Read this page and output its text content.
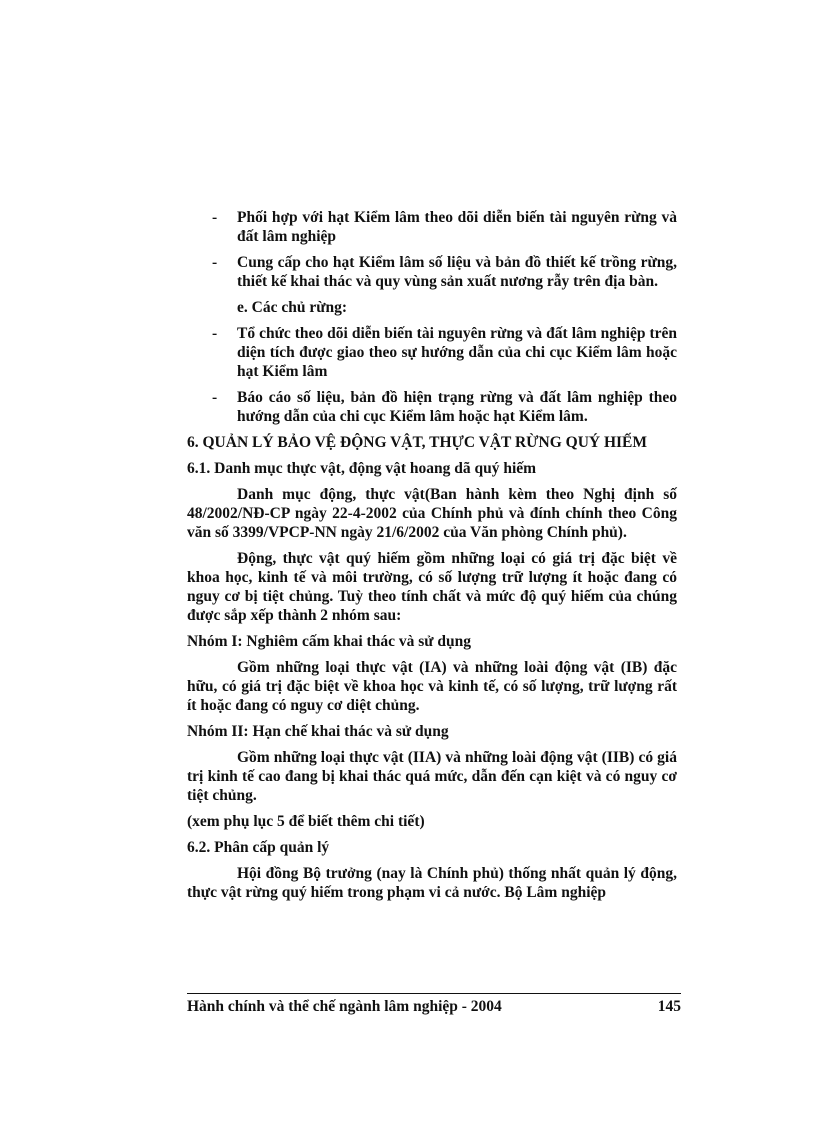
- Phối hợp với hạt Kiểm lâm theo dõi diễn biến tài nguyên rừng và đất lâm nghiệp
- Cung cấp cho hạt Kiểm lâm số liệu và bản đồ thiết kế trồng rừng, thiết kế khai thác và quy vùng sản xuất nương rẫy trên địa bàn.
e. Các chủ rừng:
- Tổ chức theo dõi diễn biến tài nguyên rừng và đất lâm nghiệp trên diện tích được giao theo sự hướng dẫn của chi cục Kiểm lâm hoặc hạt Kiểm lâm
- Báo cáo số liệu, bản đồ hiện trạng rừng và đất lâm nghiệp theo hướng dẫn của chi cục Kiểm lâm hoặc hạt Kiểm lâm.
6. QUẢN LÝ BẢO VỆ ĐỘNG VẬT, THỰC VẬT RỪNG QUÝ HIẾM
6.1. Danh mục thực vật, động vật hoang dã quý hiếm

Danh mục động, thực vật(Ban hành kèm theo Nghị định số 48/2002/NĐ-CP ngày 22-4-2002 của Chính phủ và đính chính theo Công văn số 3399/VPCP-NN ngày 21/6/2002 của Văn phòng Chính phủ).

Động, thực vật quý hiếm gồm những loại có giá trị đặc biệt về khoa học, kinh tế và môi trường, có số lượng trữ lượng ít hoặc đang có nguy cơ bị tiệt chủng. Tuỳ theo tính chất và mức độ quý hiếm của chúng được sắp xếp thành 2 nhóm sau:

Nhóm I: Nghiêm cấm khai thác và sử dụng

Gồm những loại thực vật (IA) và những loài động vật (IB) đặc hữu, có giá trị đặc biệt về khoa học và kinh tế, có số lượng, trữ lượng rất ít hoặc đang có nguy cơ diệt chủng.

Nhóm II: Hạn chế khai thác và sử dụng

Gồm những loại thực vật (IIA) và những loài động vật (IIB) có giá trị kinh tế cao đang bị khai thác quá mức, dẫn đến cạn kiệt và có nguy cơ tiệt chủng.

(xem phụ lục 5 để biết thêm chi tiết)
6.2. Phân cấp quản lý

Hội đồng Bộ trưởng (nay là Chính phủ) thống nhất quản lý động, thực vật rừng quý hiếm trong phạm vi cả nước. Bộ Lâm nghiệp

Hành chính và thể chế ngành lâm nghiệp - 2004	145
